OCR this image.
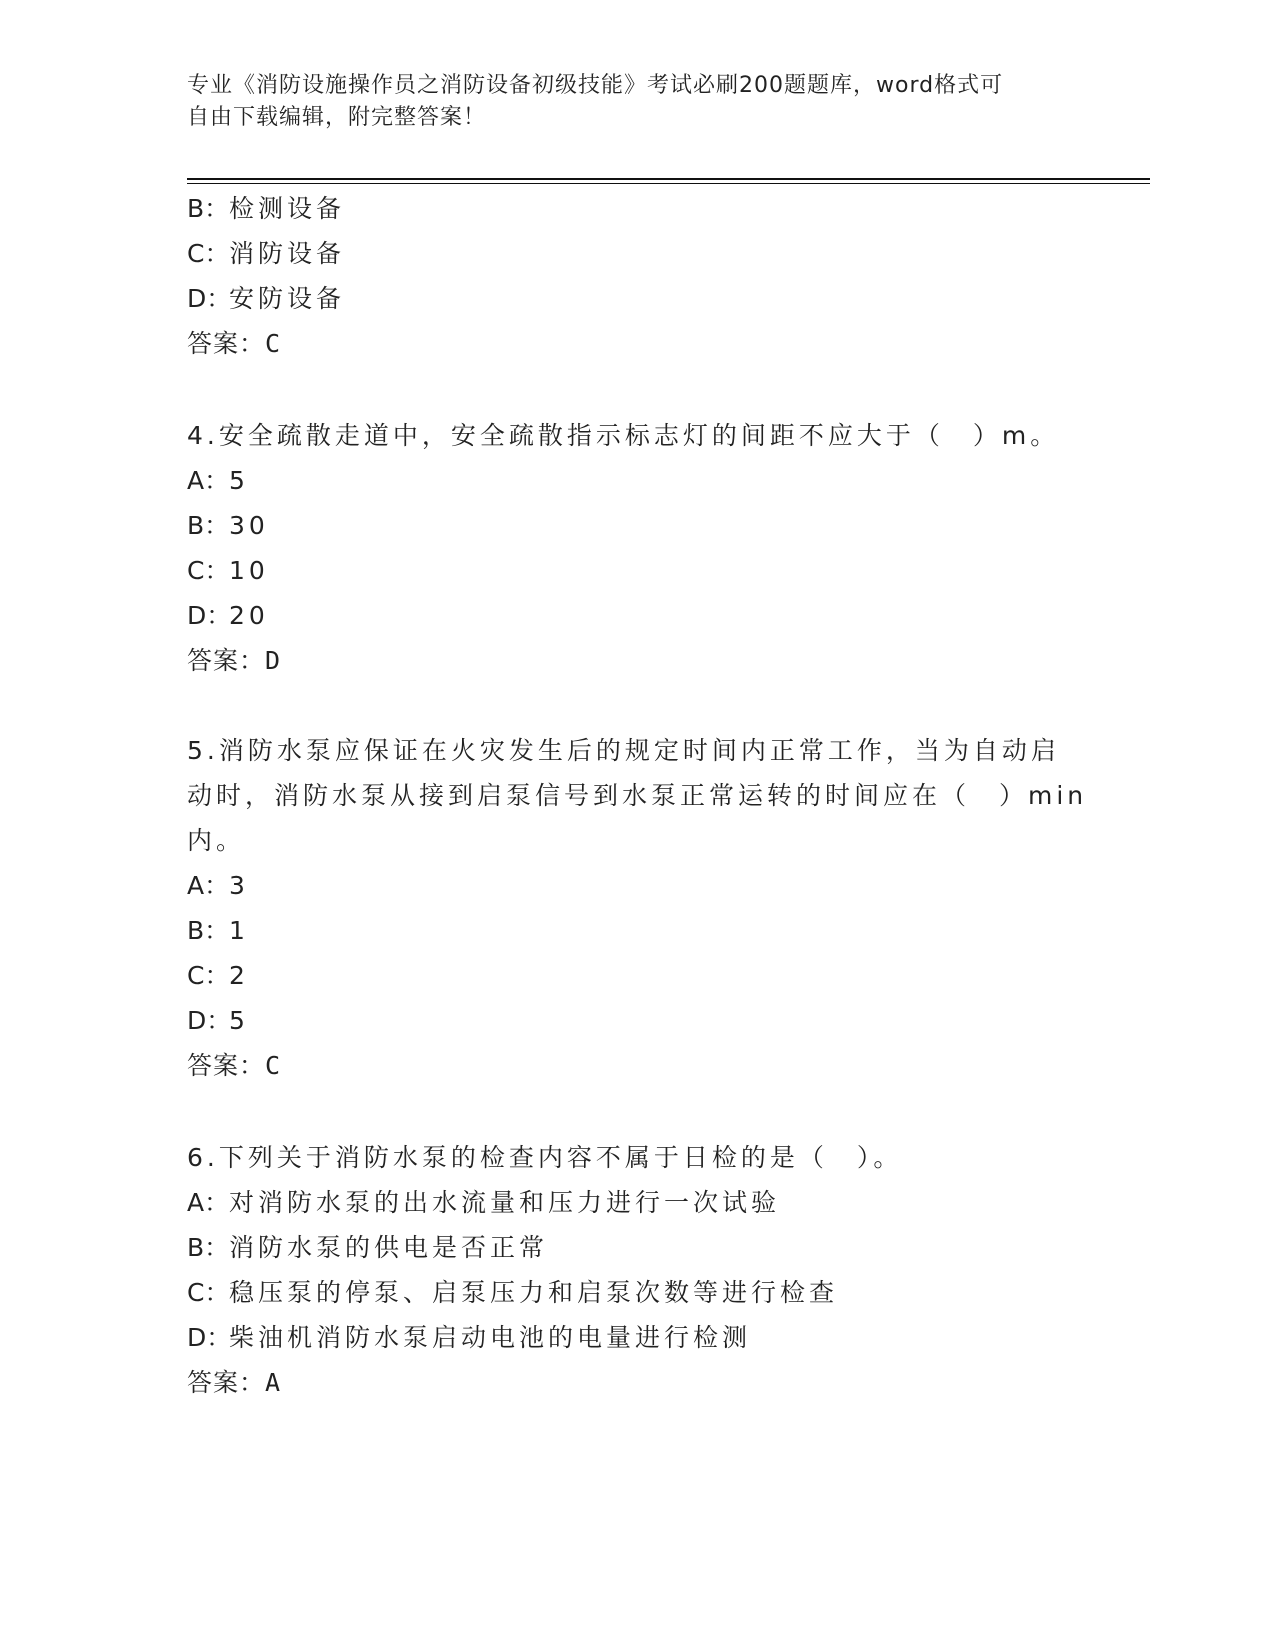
专业《消防设施操作员之消防设备初级技能》考试必刷200题题库，word格式可
自由下载编辑，附完整答案！
B：检测设备
C：消防设备
D：安防设备
答案：C
4.安全疏散走道中，安全疏散指示标志灯的间距不应大于（　）m。
A：5
B：30
C：10
D：20
答案：D
5.消防水泵应保证在火灾发生后的规定时间内正常工作，当为自动启
动时，消防水泵从接到启泵信号到水泵正常运转的时间应在（　）min
内。
A：3
B：1
C：2
D：5
答案：C
6.下列关于消防水泵的检查内容不属于日检的是（　）。
A：对消防水泵的出水流量和压力进行一次试验
B：消防水泵的供电是否正常
C：稳压泵的停泵、启泵压力和启泵次数等进行检查
D：柴油机消防水泵启动电池的电量进行检测
答案：A
